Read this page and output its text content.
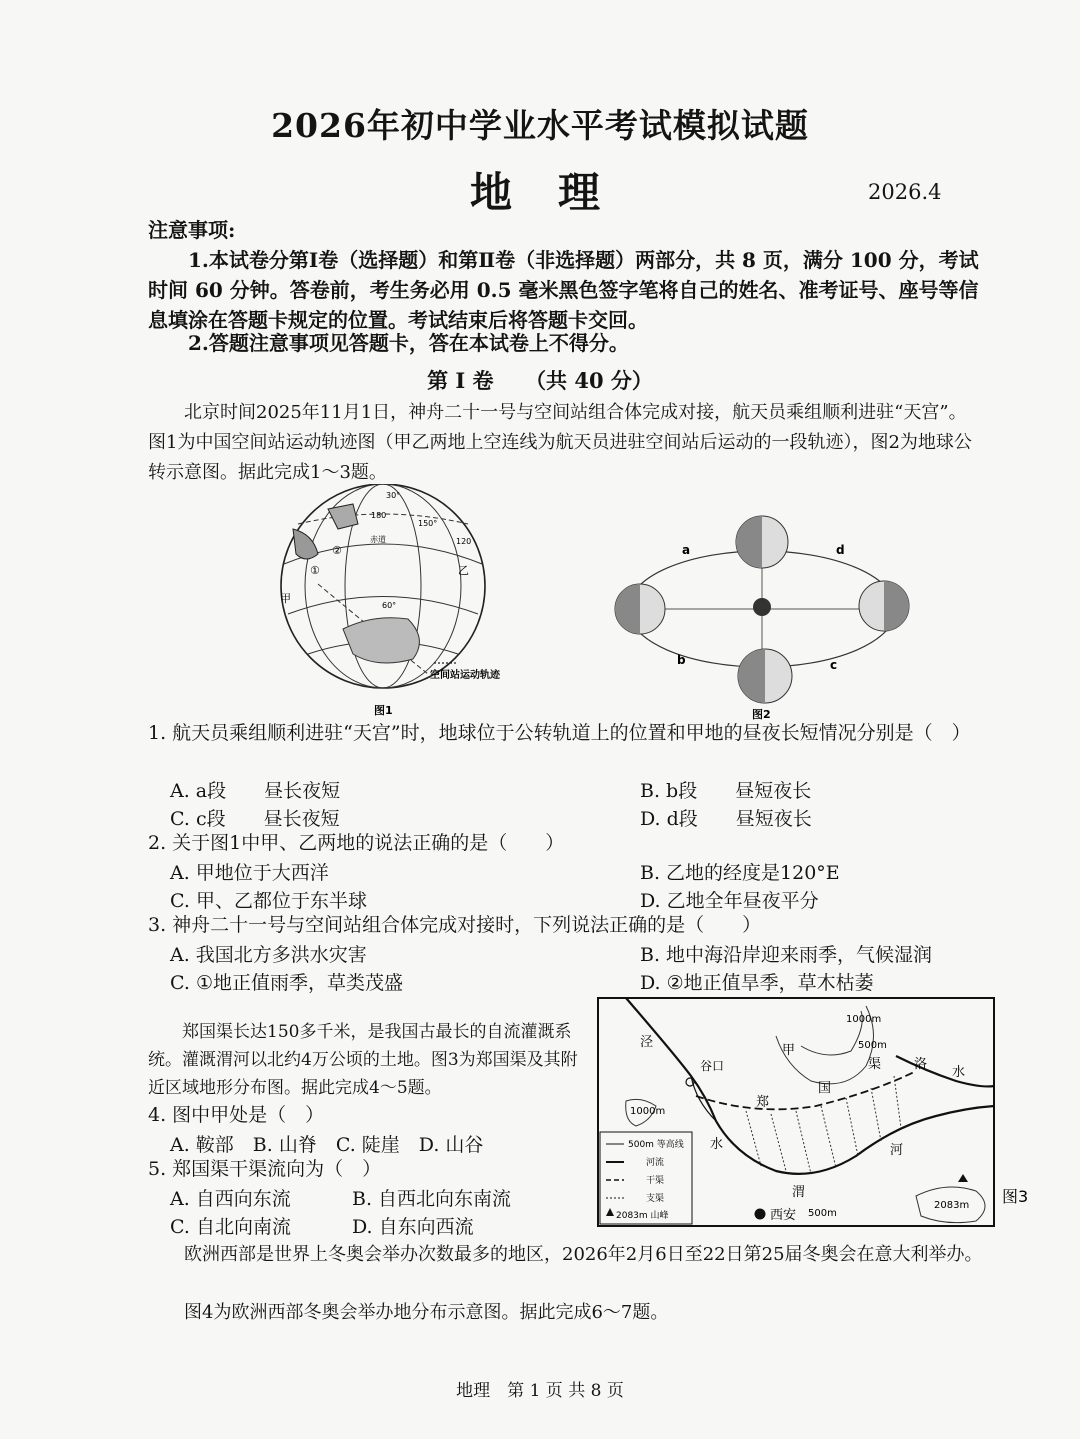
2026年初中学业水平考试模拟试题
地理	2026.4
注意事项:
1.本试卷分第Ⅰ卷（选择题）和第Ⅱ卷（非选择题）两部分，共 8 页，满分 100 分，考试时间 60 分钟。答卷前，考生务必用 0.5 毫米黑色签字笔将自己的姓名、准考证号、座号等信息填涂在答题卡规定的位置。考试结束后将答题卡交回。
2.答题注意事项见答题卡，答在本试卷上不得分。
第 I 卷　　（共 40 分）
北京时间2025年11月1日，神舟二十一号与空间站组合体完成对接，航天员乘组顺利进驻“天宫”。图1为中国空间站运动轨迹图（甲乙两地上空连线为航天员进驻空间站后运动的一段轨迹），图2为地球公转示意图。据此完成1～3题。
30°
180
150°
120
赤道
60°
甲
乙
①
②
空间站运动轨迹
图1
a
b	c
d
图2
1. 航天员乘组顺利进驻“天宫”时，地球位于公转轨道上的位置和甲地的昼夜长短情况分别是（　）
A. a段　　昼长夜短	B. b段　　昼短夜长
C. c段　　昼长夜短	D. d段　　昼短夜长
2. 关于图1中甲、乙两地的说法正确的是（　　）
A. 甲地位于大西洋	B. 乙地的经度是120°E
C. 甲、乙都位于东半球	D. 乙地全年昼夜平分
3. 神舟二十一号与空间站组合体完成对接时，下列说法正确的是（　　）
A. 我国北方多洪水灾害	B. 地中海沿岸迎来雨季，气候湿润
C. ①地正值雨季，草类茂盛	D. ②地正值旱季，草木枯萎
郑国渠长达150多千米，是我国古最长的自流灌溉系统。灌溉渭河以北约4万公顷的土地。图3为郑国渠及其附近区域地形分布图。据此完成4～5题。
4. 图中甲处是（　）
A. 鞍部　B. 山脊　C. 陡崖　D. 山谷
5. 郑国渠干渠流向为（　）
A. 自西向东流	B. 自西北向东南流
C. 自北向南流	D. 自东向西流
500m 等高线
河流
干渠
支渠
2083m 山峰
1000m
500m
1000m
500m
泾
谷口
甲
郑
国
渠	洛
水
水	河
渭
西安
2083m 图3
欧洲西部是世界上冬奥会举办次数最多的地区，2026年2月6日至22日第25届冬奥会在意大利举办。
图4为欧洲西部冬奥会举办地分布示意图。据此完成6～7题。
地理　第 1 页 共 8 页
